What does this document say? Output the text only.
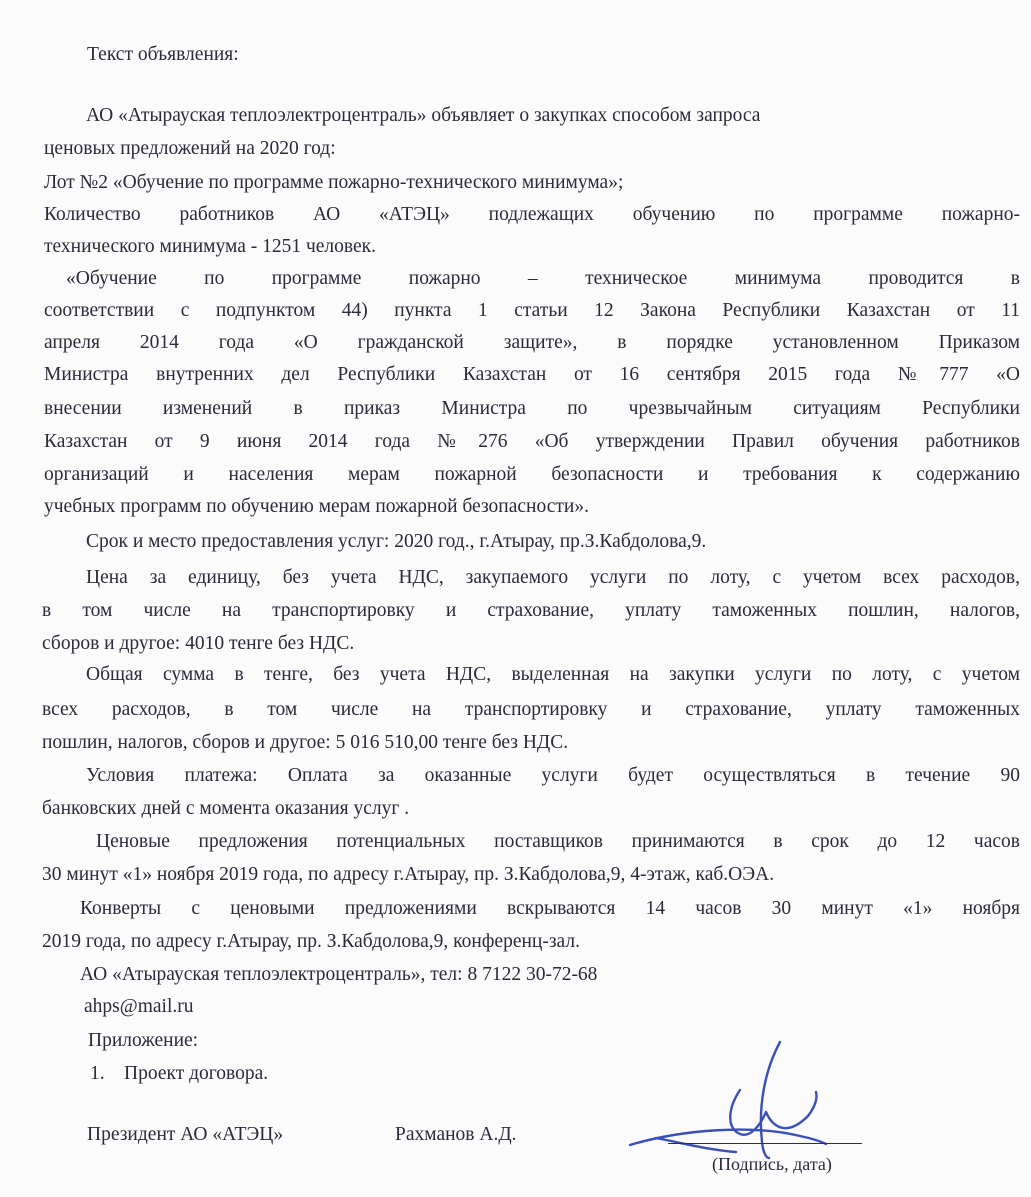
Текст объявления:
АО «Атырауская теплоэлектроцентраль» объявляет о закупках способом запроса
ценовых предложений на 2020 год:
Лот №2 «Обучение по программе пожарно-технического минимума»;
Количество работников АО «АТЭЦ» подлежащих обучению по программе пожарно-
технического минимума - 1251 человек.
«Обучение по программе пожарно – техническое минимума проводится в
соответствии с подпунктом 44) пункта 1 статьи 12 Закона Республики Казахстан от 11
апреля 2014 года «О гражданской защите», в порядке установленном Приказом
Министра внутренних дел Республики Казахстан от 16 сентября 2015 года №777 «О
внесении изменений в приказ Министра по чрезвычайным ситуациям Республики
Казахстан от 9 июня 2014 года №276 «Об утверждении Правил обучения работников
организаций и населения мерам пожарной безопасности и требования к содержанию
учебных программ по обучению мерам пожарной безопасности».
Срок и место предоставления услуг: 2020 год., г.Атырау, пр.З.Кабдолова,9.
Цена за единицу, без учета НДС, закупаемого услуги по лоту, с учетом всех расходов,
в том числе на транспортировку и страхование, уплату таможенных пошлин, налогов,
сборов и другое: 4010 тенге без НДС.
Общая сумма в тенге, без учета НДС, выделенная на закупки услуги по лоту, с учетом
всех расходов, в том числе на транспортировку и страхование, уплату таможенных
пошлин, налогов, сборов и другое: 5 016 510,00 тенге без НДС.
Условия платежа: Оплата за оказанные услуги будет осуществляться в течение 90
банковских дней с момента оказания услуг .
Ценовые предложения потенциальных поставщиков принимаются в срок до 12 часов
30 минут «1» ноября 2019 года, по адресу г.Атырау, пр. З.Кабдолова,9, 4-этаж, каб.ОЭА.
Конверты с ценовыми предложениями вскрываются 14 часов 30 минут «1» ноября
2019 года, по адресу г.Атырау, пр. З.Кабдолова,9, конференц-зал.
АО «Атырауская теплоэлектроцентраль», тел: 8 7122 30-72-68
ahps@mail.ru
Приложение:
1. Проект договора.
Президент АО «АТЭЦ»	Рахманов А.Д.
(Подпись, дата)
